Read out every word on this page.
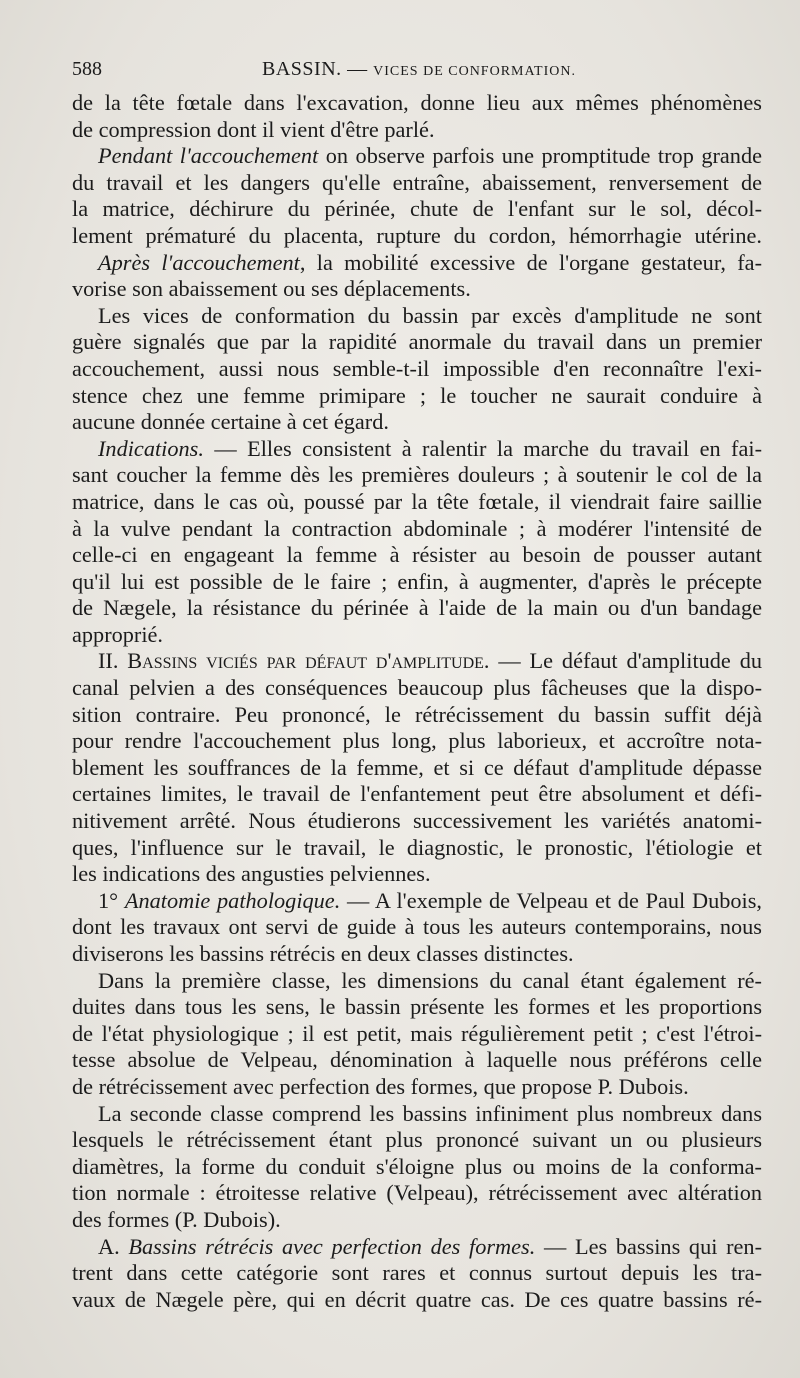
588	BASSIN. — VICES DE CONFORMATION.
de la tête fœtale dans l'excavation, donne lieu aux mêmes phénomènes
de compression dont il vient d'être parlé.
Pendant l'accouchement on observe parfois une promptitude trop grande
du travail et les dangers qu'elle entraîne, abaissement, renversement de
la matrice, déchirure du périnée, chute de l'enfant sur le sol, décol-
lement prématuré du placenta, rupture du cordon, hémorrhagie utérine.
Après l'accouchement, la mobilité excessive de l'organe gestateur, fa-
vorise son abaissement ou ses déplacements.
Les vices de conformation du bassin par excès d'amplitude ne sont
guère signalés que par la rapidité anormale du travail dans un premier
accouchement, aussi nous semble-t-il impossible d'en reconnaître l'exi-
stence chez une femme primipare ; le toucher ne saurait conduire à
aucune donnée certaine à cet égard.
Indications. — Elles consistent à ralentir la marche du travail en fai-
sant coucher la femme dès les premières douleurs ; à soutenir le col de la
matrice, dans le cas où, poussé par la tête fœtale, il viendrait faire saillie
à la vulve pendant la contraction abdominale ; à modérer l'intensité de
celle-ci en engageant la femme à résister au besoin de pousser autant
qu'il lui est possible de le faire ; enfin, à augmenter, d'après le précepte
de Nægele, la résistance du périnée à l'aide de la main ou d'un bandage
approprié.
II. Bassins viciés par défaut d'amplitude. — Le défaut d'amplitude du
canal pelvien a des conséquences beaucoup plus fâcheuses que la dispo-
sition contraire. Peu prononcé, le rétrécissement du bassin suffit déjà
pour rendre l'accouchement plus long, plus laborieux, et accroître nota-
blement les souffrances de la femme, et si ce défaut d'amplitude dépasse
certaines limites, le travail de l'enfantement peut être absolument et défi-
nitivement arrêté. Nous étudierons successivement les variétés anatomi-
ques, l'influence sur le travail, le diagnostic, le pronostic, l'étiologie et
les indications des angusties pelviennes.
1° Anatomie pathologique. — A l'exemple de Velpeau et de Paul Dubois,
dont les travaux ont servi de guide à tous les auteurs contemporains, nous
diviserons les bassins rétrécis en deux classes distinctes.
Dans la première classe, les dimensions du canal étant également ré-
duites dans tous les sens, le bassin présente les formes et les proportions
de l'état physiologique ; il est petit, mais régulièrement petit ; c'est l'étroi-
tesse absolue de Velpeau, dénomination à laquelle nous préférons celle
de rétrécissement avec perfection des formes, que propose P. Dubois.
La seconde classe comprend les bassins infiniment plus nombreux dans
lesquels le rétrécissement étant plus prononcé suivant un ou plusieurs
diamètres, la forme du conduit s'éloigne plus ou moins de la conforma-
tion normale : étroitesse relative (Velpeau), rétrécissement avec altération
des formes (P. Dubois).
A. Bassins rétrécis avec perfection des formes. — Les bassins qui ren-
trent dans cette catégorie sont rares et connus surtout depuis les tra-
vaux de Nægele père, qui en décrit quatre cas. De ces quatre bassins ré-
